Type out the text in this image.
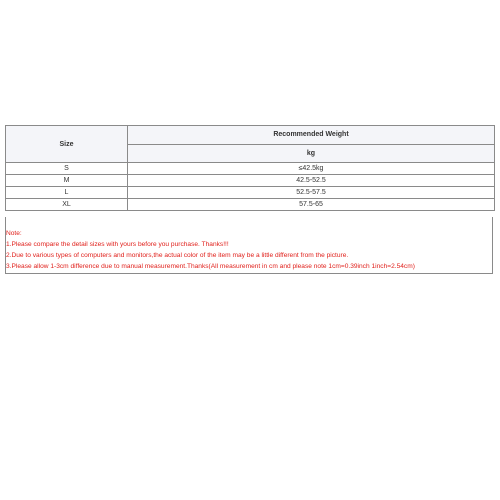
Size	Recommended Weight
	kg
S	≤42.5kg
M	42.5-52.5
L	52.5-57.5
XL	57.5-65
Note:
1.Please compare the detail sizes with yours before you purchase. Thanks!!!
2.Due to various types of computers and monitors,the actual color of the item may be a little different from the picture.
3.Please allow 1-3cm difference due to manual measurement.Thanks(All measurement in cm and please note 1cm=0.39inch 1inch=2.54cm)
